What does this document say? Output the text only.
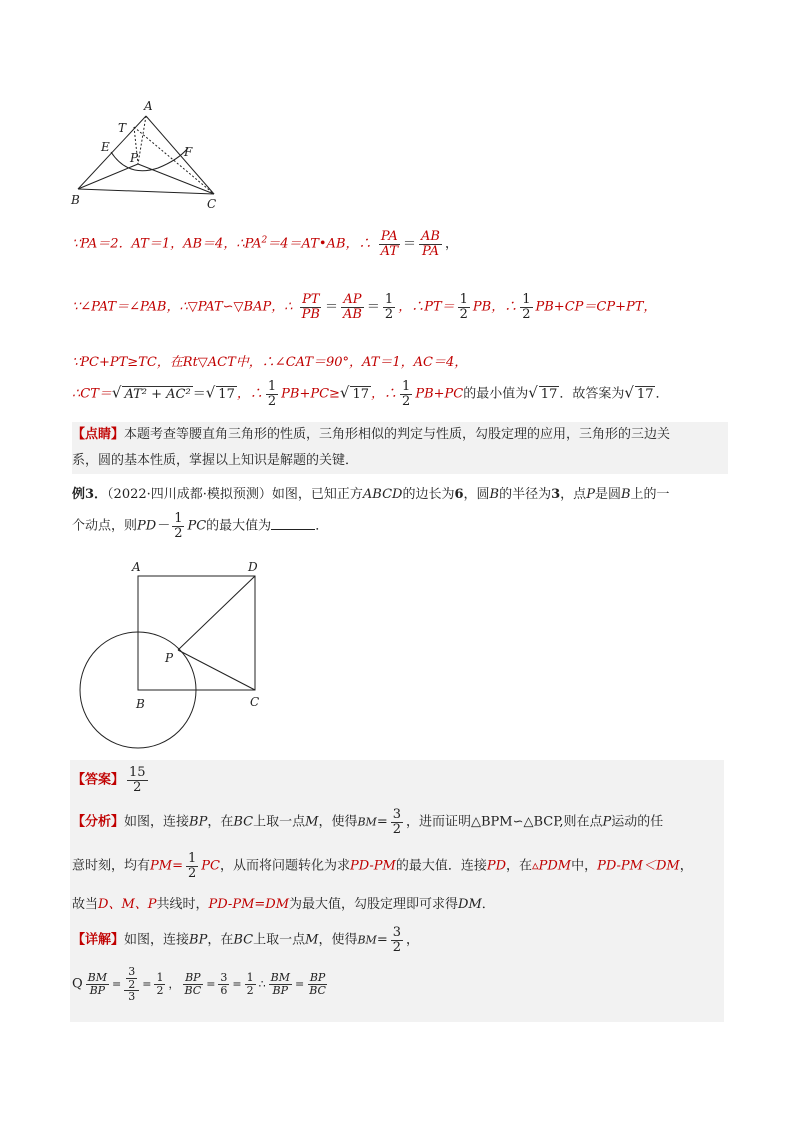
A
T
E
P	F
B	C
∵PA＝2．AT＝1，AB＝4，$\therefore PA^2=4=AT•AB$，∴ $\frac{PA}{AT} = \frac{AB}{PA}$ ，
∵∠PAT＝∠PAB，∴▽PAT∽▽BAP，∴ $\frac{PT}{PB} = \frac{AP}{AB} = \frac{1}{2}$ ，∴PT＝ $\frac{1}{2}$ PB，∴ $\frac{1}{2} PB+CP=CP+PT$，
∵PC+PT≥TC，在Rt▽ACT中，∴∠CAT＝90°，AT＝1，AC＝4，
∴CT＝√ AT² + AC² ＝√ 17 ，∴ $\frac{1}{2} PB+PC\ge√$ 17 ，∴ $\frac{1}{2} PB+PC$的最小值为√ 17 ．故答案为√ 17 ．
【点睛】本题考查等腰直角三角形的性质，三角形相似的判定与性质，勾股定理的应用，三角形的三边关
系，圆的基本性质，掌握以上知识是解题的关键．
例3．（2022·四川成都·模拟预测）如图，已知正方ABCD的边长为6，圆B的半径为3，点P是圆B上的一
个动点，则$PD- \frac{1}{2}$ PC的最大值为	．
A	D
P
B	C
【答案】 $\frac{15}{2}$
【分析】如图，连接BP，在BC上取一点M，使得$BM= \frac{3}{2}$ ，进而证明△BPM∽△BCP,则在点P运动的任
意时刻，均有$PM= \frac{1}{2}$ PC，从而将问题转化为求PD-PM的最大值．连接PD，在▵PDM中，PD-PM＜DM，
故当D、M、P共线时，PD-PM=DM为最大值，勾股定理即可求得DM．
【详解】如图，连接BP，在BC上取一点M，使得$BM= \frac{3}{2}$ ，
Q $\frac{BM}{BP} = \frac{\frac{3}{2}}{3} = \frac{1}{2}$ ， $\frac{BP}{BC} = \frac{3}{6} = \frac{1}{2}$ ∴ $\frac{BM}{BP} = \frac{BP}{BC}$
